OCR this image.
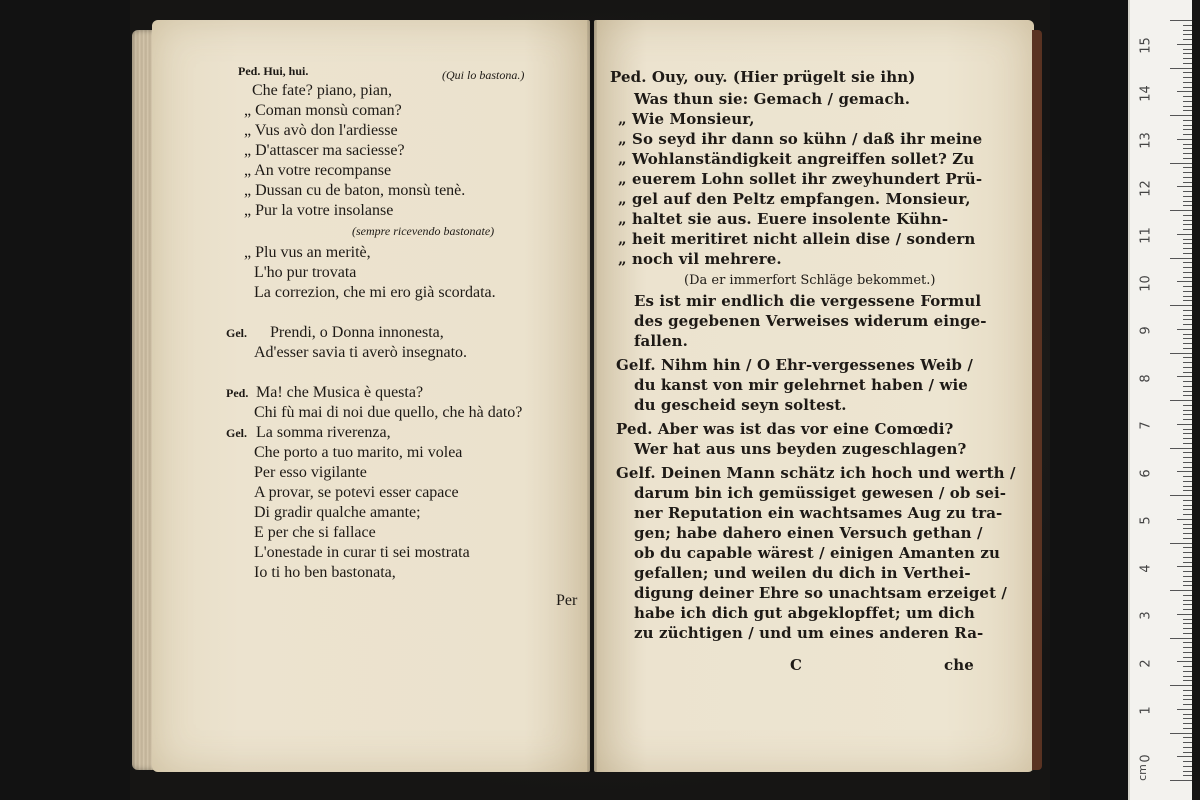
Ped. Hui, hui.	(Qui lo bastona.)
Che fate? piano, pian,
„ Coman monsù coman?
„ Vus avò don l'ardiesse
„ D'attascer ma saciesse?
„ An votre recompanse
„ Dussan cu de baton, monsù tenè.
„ Pur la votre insolanse
(sempre ricevendo bastonate)
„ Plu vus an meritè,
L'ho pur trovata
La correzion, che mi ero già scordata.
Gel. Prendi, o Donna innonesta,
Ad'esser savia ti averò insegnato.
Ped. Ma! che Musica è questa?
Chi fù mai di noi due quello, che hà dato?
Gel. La somma riverenza,
Che porto a tuo marito, mi volea
Per esso vigilante
A provar, se potevi esser capace
Di gradir qualche amante;
E per che si fallace
L'onestade in curar ti sei mostrata
Io ti ho ben bastonata,
Per
Ped. Ouy, ouy. (Hier prügelt sie ihn)
Was thun sie: Gemach / gemach.
„ Wie Monsieur,
„ So seyd ihr dann so kühn / daß ihr meine
„ Wohlanständigkeit angreiffen sollet? Zu
„ euerem Lohn sollet ihr zweyhundert Prü-
„ gel auf den Peltz empfangen. Monsieur,
„ haltet sie aus. Euere insolente Kühn-
„ heit meritiret nicht allein dise / sondern
„ noch vil mehrere.
(Da er immerfort Schläge bekommet.)
Es ist mir endlich die vergessene Formul
des gegebenen Verweises widerum einge-
fallen.
Gelf. Nihm hin / O Ehr-vergessenes Weib /
du kanst von mir gelehrnet haben / wie
du gescheid seyn soltest.
Ped. Aber was ist das vor eine Comœdi?
Wer hat aus uns beyden zugeschlagen?
Gelf. Deinen Mann schätz ich hoch und werth /
darum bin ich gemüssiget gewesen / ob sei-
ner Reputation ein wachtsames Aug zu tra-
gen; habe dahero einen Versuch gethan /
ob du capable wärest / einigen Amanten zu
gefallen; und weilen du dich in Verthei-
digung deiner Ehre so unachtsam erzeiget /
habe ich dich gut abgeklopffet; um dich
zu züchtigen / und um eines anderen Ra-
C	che
15
14
13
12
11
10
9
8
7
6
5
4
3
2
1
0
cm
